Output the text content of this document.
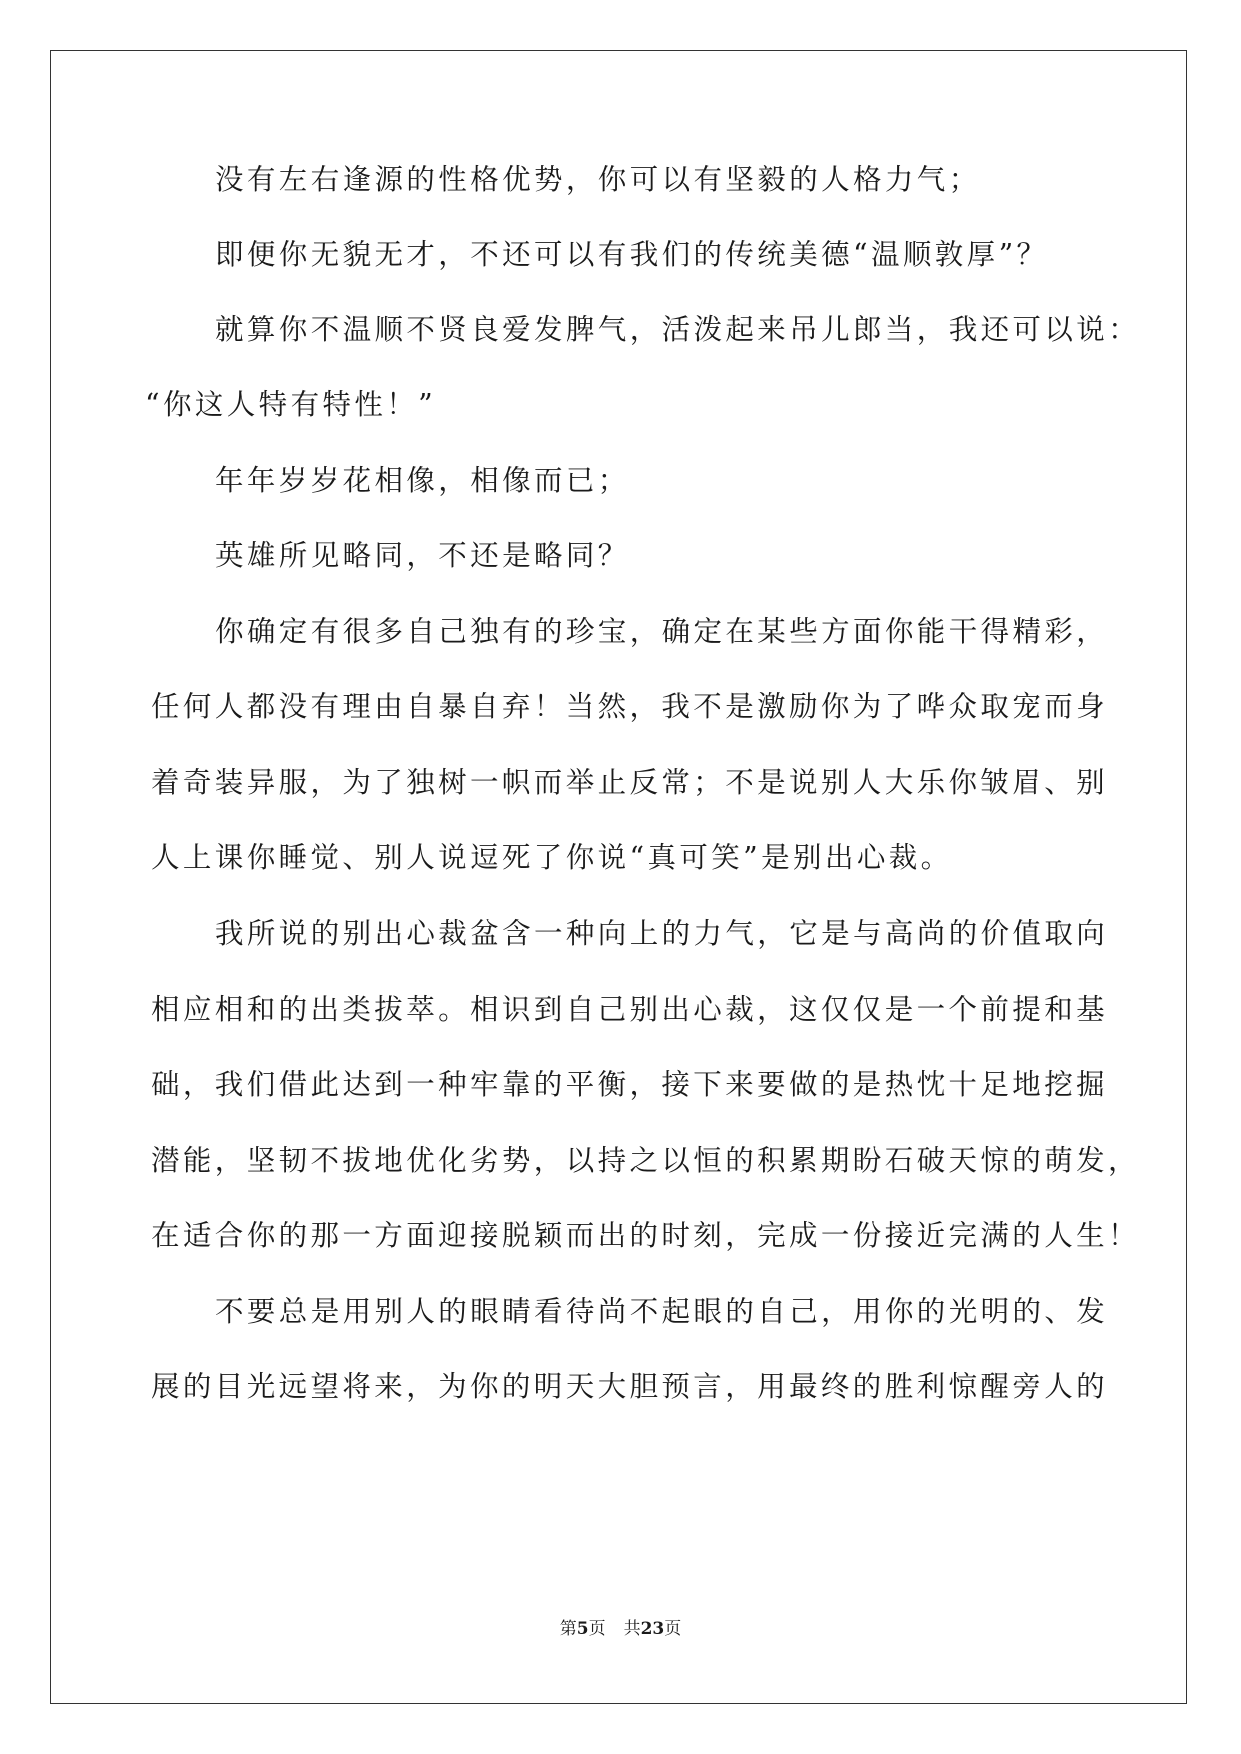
没有左右逢源的性格优势，你可以有坚毅的人格力气；
即便你无貌无才，不还可以有我们的传统美德“温顺敦厚”？
就算你不温顺不贤良爱发脾气，活泼起来吊儿郎当，我还可以说：
“你这人特有特性！”
年年岁岁花相像，相像而已；
英雄所见略同，不还是略同？
你确定有很多自己独有的珍宝，确定在某些方面你能干得精彩，
任何人都没有理由自暴自弃！当然，我不是激励你为了哗众取宠而身
着奇装异服，为了独树一帜而举止反常；不是说别人大乐你皱眉、别
人上课你睡觉、别人说逗死了你说“真可笑”是别出心裁。
我所说的别出心裁盆含一种向上的力气，它是与高尚的价值取向
相应相和的出类拔萃。相识到自己别出心裁，这仅仅是一个前提和基
础，我们借此达到一种牢靠的平衡，接下来要做的是热忱十足地挖掘
潜能，坚韧不拔地优化劣势，以持之以恒的积累期盼石破天惊的萌发，
在适合你的那一方面迎接脱颖而出的时刻，完成一份接近完满的人生！
不要总是用别人的眼睛看待尚不起眼的自己，用你的光明的、发
展的目光远望将来，为你的明天大胆预言，用最终的胜利惊醒旁人的
第5页 共23页
